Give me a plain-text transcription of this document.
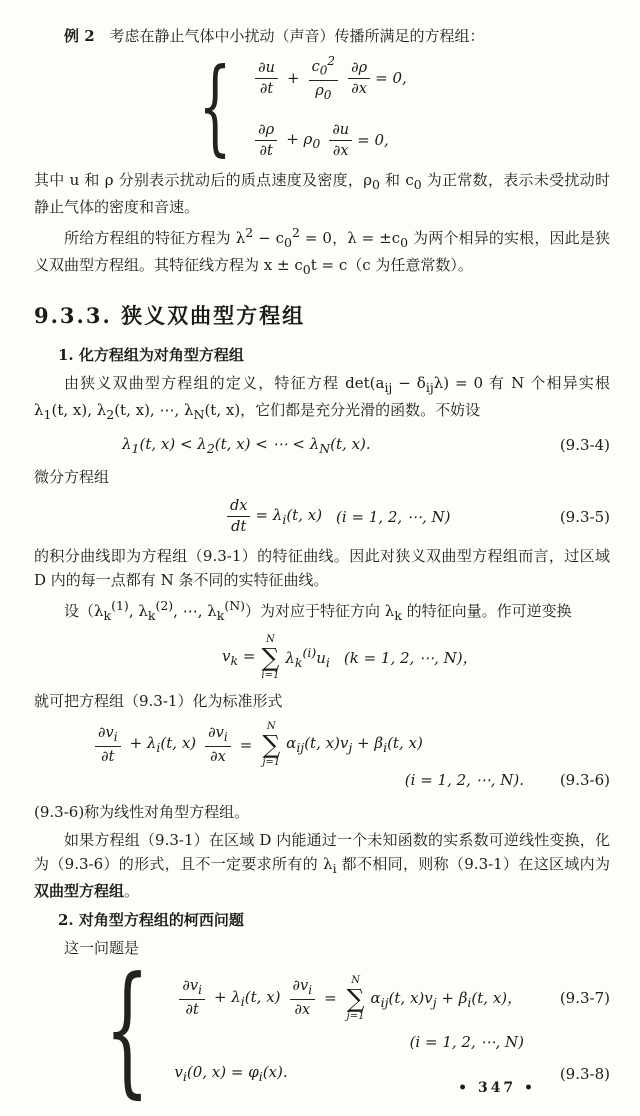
例 2 考虑在静止气体中小扰动（声音）传播所满足的方程组：

{ $\frac{\partial u}{\partial t} + \frac{c_0^2}{\rho_0} \frac{\partial\rho}{\partial x} = 0$,
$\frac{\partial\rho}{\partial t} + \rho_0 \frac{\partial u}{\partial x} = 0$,

其中 u 和 ρ 分别表示扰动后的质点速度及密度，$\rho_0$ 和 $c_0$ 为正常数，表示未受扰动时静止气体的密度和音速。

所给方程组的特征方程为 $\lambda^2 - c_0^2 = 0$，$\lambda = \pm c_0$ 为两个相异的实根，因此是狭义双曲型方程组。其特征线方程为 $x \pm c_0t = c(c$ 为任意常数）。

9.3.3. 狭义双曲型方程组

1. 化方程组为对角型方程组

由狭义双曲型方程组的定义，特征方程 $\det(a_{ij} - \delta_{ij}\lambda) = 0$ 有 N 个相异实根 $\lambda_1(t$, x), $\lambda_2(t$, x), ⋯, $\lambda_N(t$, x)，它们都是充分光滑的函数。不妨设

$\lambda_1(t$, $x) < \lambda_2(t$, x) < ⋯ < $\lambda_N(t$, x).	(9.3-4)

微分方程组

$\frac{dx}{dt} = \lambda_i(t$, x) (i = 1, 2, ⋯, N)	(9.3-5)

的积分曲线即为方程组（9.3-1）的特征曲线。因此对狭义双曲型方程组而言，过区域 D 内的每一点都有 N 条不同的实特征曲线。

设（$\lambda_k^{(1)}$, $\lambda_k^{(2)}$, ⋯, $\lambda_k^{(N)}$）为对应于特征方向 $\lambda_k$ 的特征向量。作可逆变换

$v_k$ =
N
∑
i=1
$\lambda_k^{(i)}u_i$ (k = 1, 2, ⋯, N)，

就可把方程组（9.3-1）化为标准形式

$\frac{\partial v_i}{\partial t} + \lambda_i(t$, $x) \frac{\partial v_i}{\partial x}$ =
N
∑
j=1
$\alpha_{ij}(t$, $x)v_j + \beta_i(t$, x)
(i = 1, 2, ⋯, N). (9.3-6)

(9.3-6)称为线性对角型方程组。

如果方程组（9.3-1）在区域 D 内能通过一个未知函数的实系数可逆线性变换，化为（9.3-6）的形式，且不一定要求所有的 $\lambda_i$ 都不相同，则称（9.3-1）在这区域内为双曲型方程组。

2. 对角型方程组的柯西问题

这一问题是

{ $\frac{\partial v_i}{\partial t} + \lambda_i(t$, $x) \frac{\partial v_i}{\partial x}$ =
N
∑
j=1
$\alpha_{ij}(t$, $x)v_j + \beta_i(t$, x)，	(9.3-7)
(i = 1, 2, ⋯, N)
$v_i(0$, $x) = \varphi_i(x)$.	(9.3-8)
• 347 •
